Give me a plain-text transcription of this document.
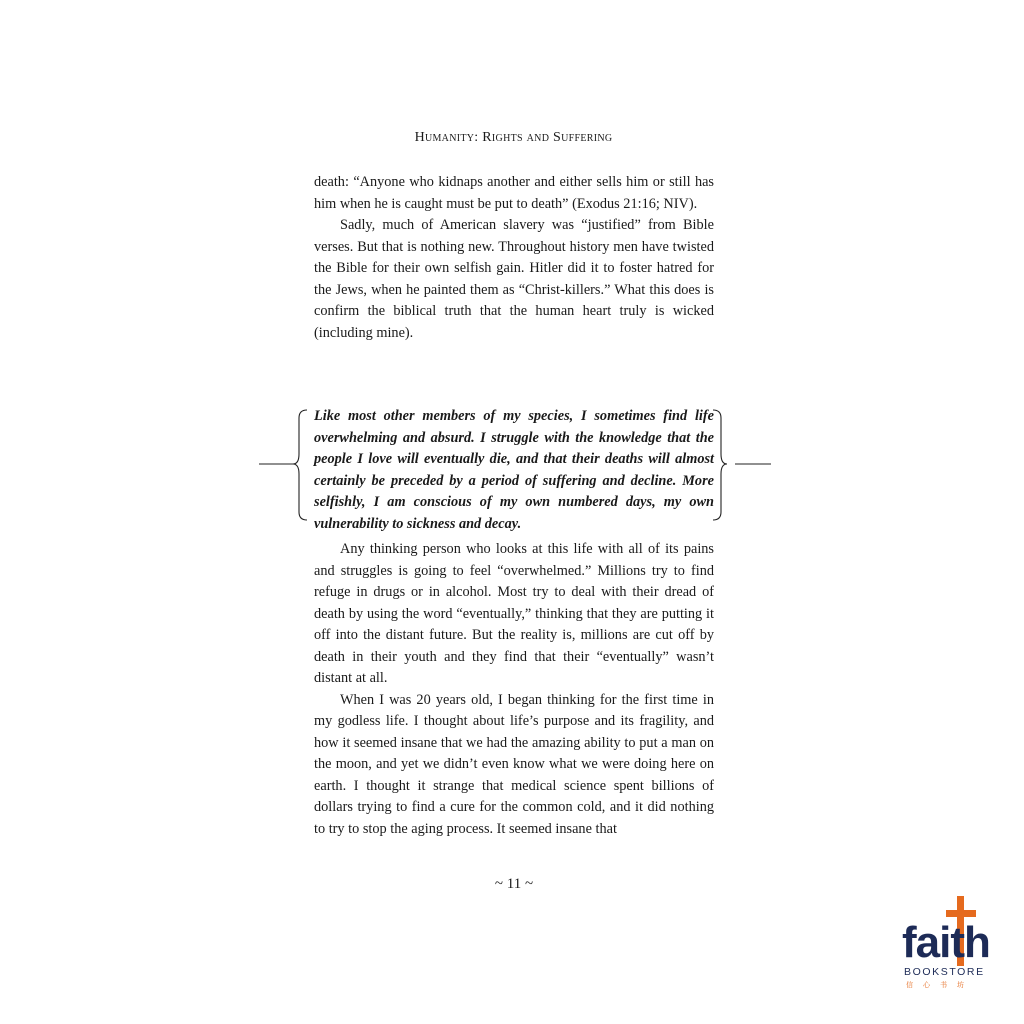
Humanity: Rights and Suffering

death: “Anyone who kidnaps another and either sells him or still has him when he is caught must be put to death” (Exodus 21:16; NIV).

Sadly, much of American slavery was “justified” from Bible verses. But that is nothing new. Throughout history men have twisted the Bible for their own selfish gain. Hitler did it to foster hatred for the Jews, when he painted them as “Christ-killers.” What this does is confirm the biblical truth that the human heart truly is wicked (including mine).

Like most other members of my species, I sometimes find life overwhelming and absurd. I struggle with the knowledge that the people I love will eventually die, and that their deaths will almost certainly be preceded by a period of suffering and decline. More selfishly, I am conscious of my own numbered days, my own vulnerability to sickness and decay.

Any thinking person who looks at this life with all of its pains and struggles is going to feel “overwhelmed.” Millions try to find refuge in drugs or in alcohol. Most try to deal with their dread of death by using the word “eventually,” thinking that they are putting it off into the distant future. But the reality is, millions are cut off by death in their youth and they find that their “eventually” wasn’t distant at all.

When I was 20 years old, I began thinking for the first time in my godless life. I thought about life’s purpose and its fragility, and how it seemed insane that we had the amazing ability to put a man on the moon, and yet we didn’t even know what we were doing here on earth. I thought it strange that medical science spent billions of dollars trying to find a cure for the common cold, and it did nothing to try to stop the aging process. It seemed insane that

~ 11 ~
faith
BOOKSTORE
信心书坊
